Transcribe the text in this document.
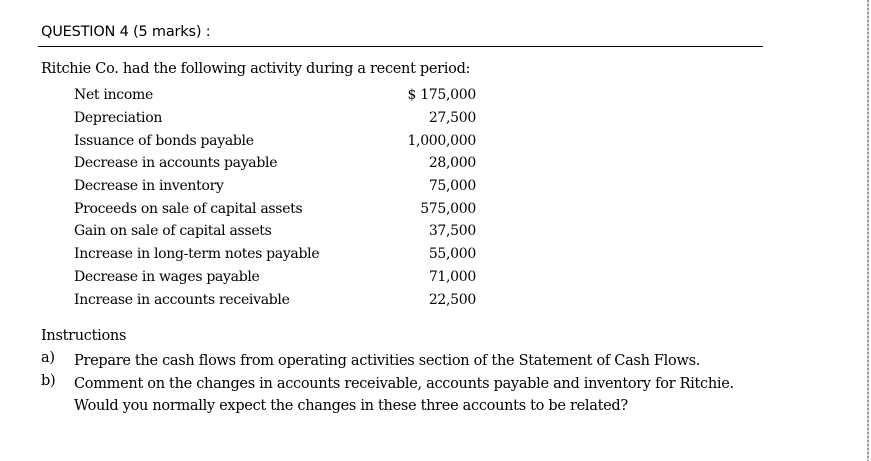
QUESTION 4 (5 marks) :
Ritchie Co. had the following activity during a recent period:
Net income	$ 175,000
Depreciation	27,500
Issuance of bonds payable	1,000,000
Decrease in accounts payable	28,000
Decrease in inventory	75,000
Proceeds on sale of capital assets	575,000
Gain on sale of capital assets	37,500
Increase in long-term notes payable	55,000
Decrease in wages payable	71,000
Increase in accounts receivable	22,500
Instructions
a)	Prepare the cash flows from operating activities section of the Statement of Cash Flows.
b)	Comment on the changes in accounts receivable, accounts payable and inventory for Ritchie.
Would you normally expect the changes in these three accounts to be related?
